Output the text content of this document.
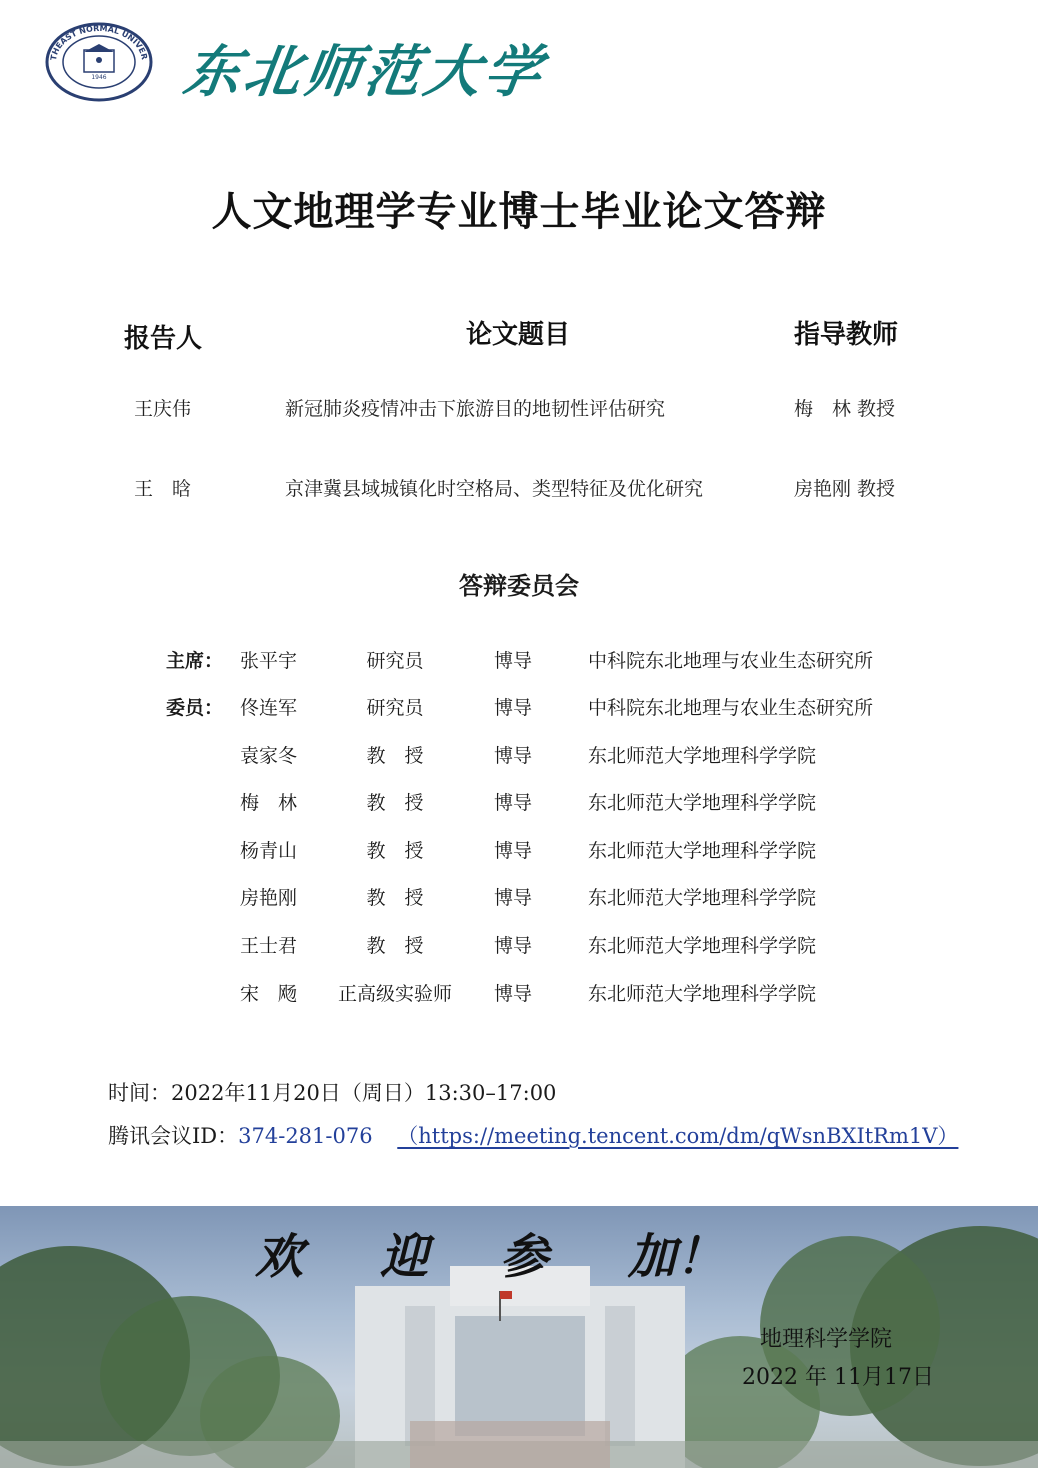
THEAST NORMAL UNIVER
1946 东北师范大学
人文地理学专业博士毕业论文答辩
报告人	论文题目	指导教师
王庆伟	新冠肺炎疫情冲击下旅游目的地韧性评估研究	梅　林 教授
王　晗	京津冀县域城镇化时空格局、类型特征及优化研究	房艳刚 教授
答辩委员会
主席： 张平宇	研究员	博导	中科院东北地理与农业生态研究所
委员： 佟连军	研究员	博导	中科院东北地理与农业生态研究所
袁家冬	教　授	博导	东北师范大学地理科学学院
梅　林	教　授	博导	东北师范大学地理科学学院
杨青山	教　授	博导	东北师范大学地理科学学院
房艳刚	教　授	博导	东北师范大学地理科学学院
王士君	教　授	博导	东北师范大学地理科学学院
宋　飏	正高级实验师	博导	东北师范大学地理科学学院
时间：2022年11月20日（周日）13:30–17:00
腾讯会议ID：374-281-076 （https://meeting.tencent.com/dm/qWsnBXItRm1V）
欢 迎 参 加！
地理科学学院
2022 年 11月17日
